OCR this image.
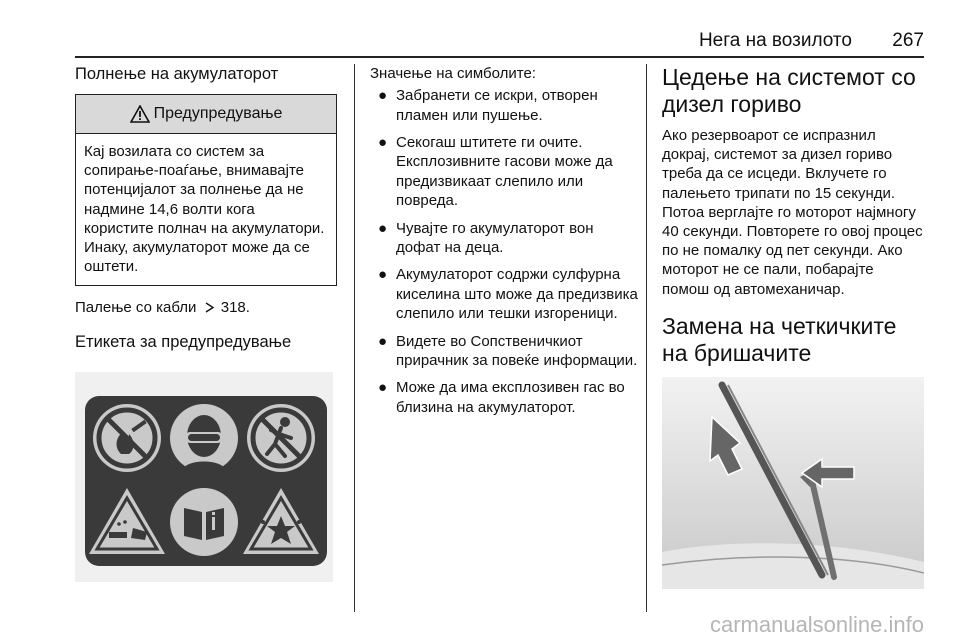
Нега на возилото 267
Полнење на акумулаторот
Предупредување
Кај возилата со систем за сопирање-поаѓање, внимавајте потенцијалот за полнење да не надмине 14,6 волти кога користите полнач на акумулатори. Инаку, акумулаторот може да се оштети.

Палење со кабли 318.

Етикета за предупредување

Значење на симболите:

● Забранети се искри, отворен пламен или пушење.
● Секогаш штитете ги очите. Експлозивните гасови може да предизвикаат слепило или повреда.
● Чувајте го акумулаторот вон дофат на деца.
● Акумулаторот содржи сулфурна киселина што може да предизвика слепило или тешки изгореници.
● Видете во Сопственичкиот прирачник за повеќе информации.
● Може да има експлозивен гас во близина на акумулаторот.
Цедење на системот со дизел гориво

Ако резервоарот се испразнил докрај, системот за дизел гориво треба да се исцеди. Вклучете го палењето трипати по 15 секунди. Потоа верглајте го моторот најмногу 40 секунди. Повторете го овој процес по не помалку од пет секунди. Ако моторот не се пали, побарајте помош од автомеханичар.

Замена на четкичките на бришачите
carmanualsonline.info
